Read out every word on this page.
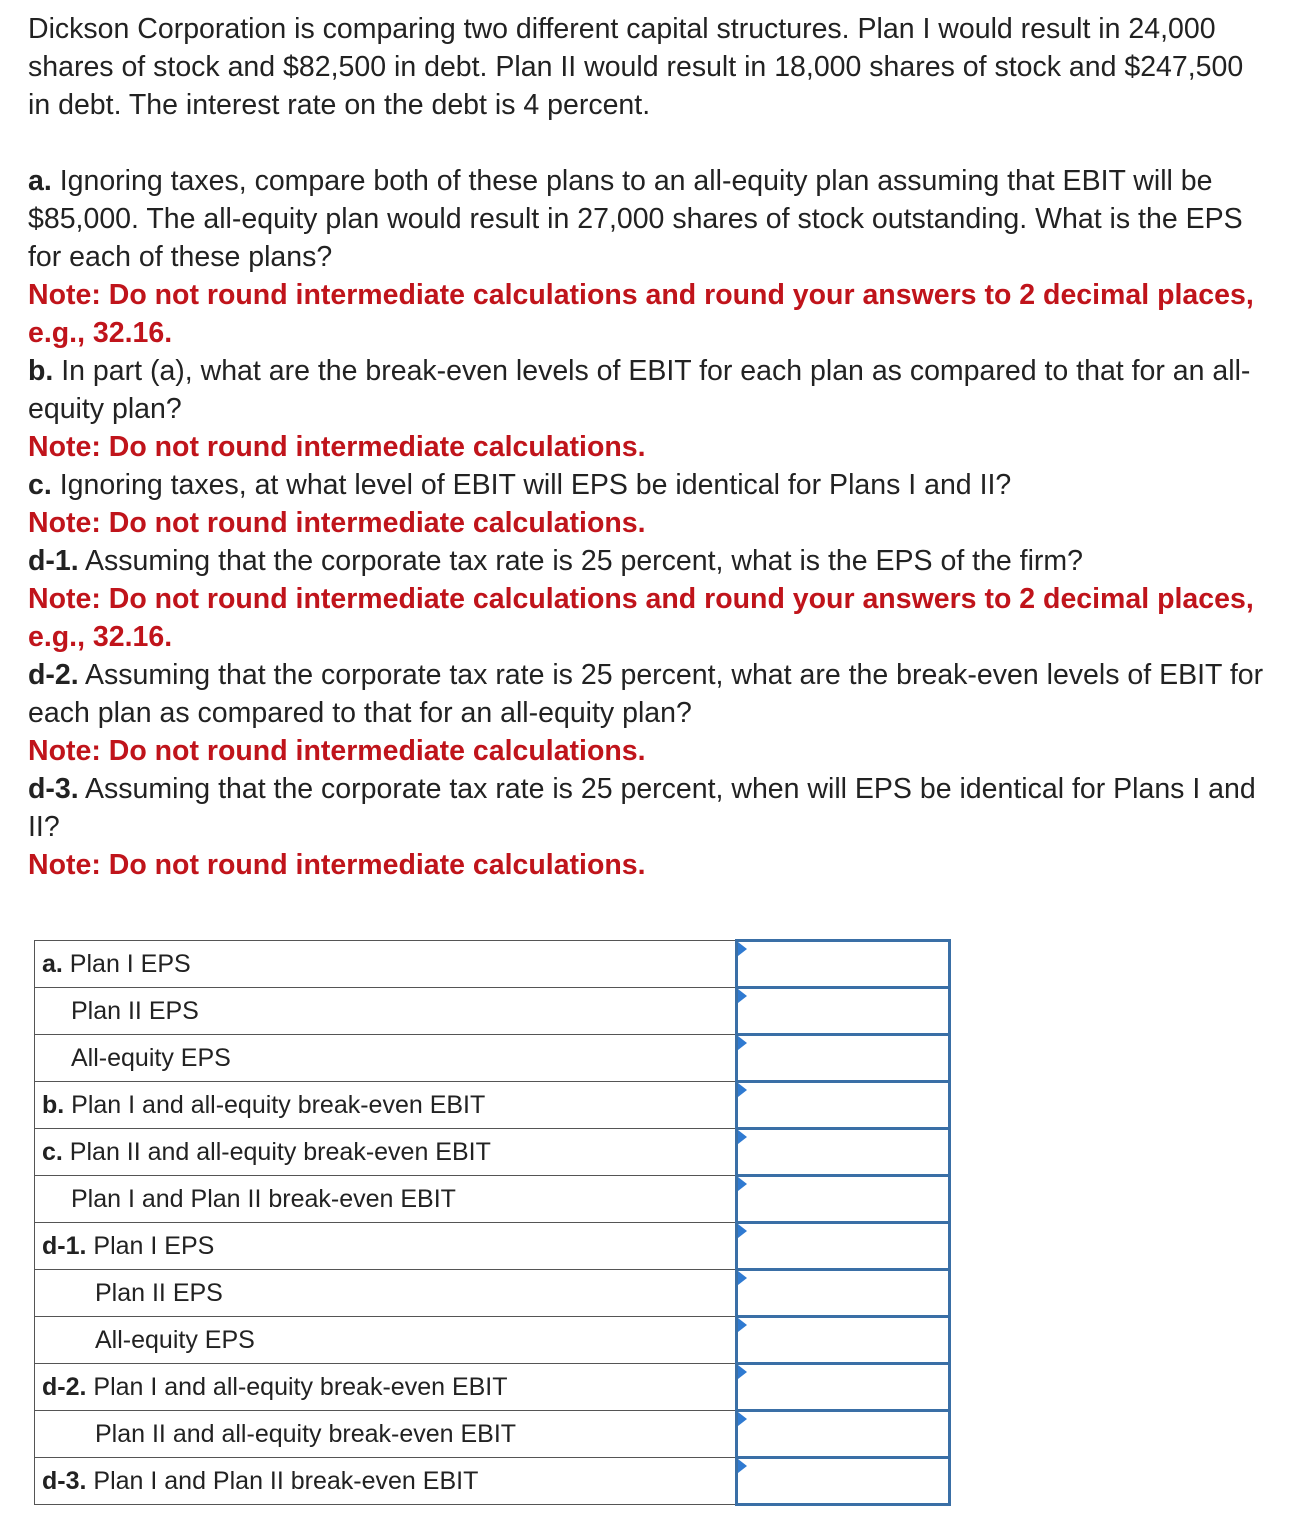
Dickson Corporation is comparing two different capital structures. Plan I would result in 24,000 shares of stock and $82,500 in debt. Plan II would result in 18,000 shares of stock and $247,500 in debt. The interest rate on the debt is 4 percent.

a. Ignoring taxes, compare both of these plans to an all-equity plan assuming that EBIT will be $85,000. The all-equity plan would result in 27,000 shares of stock outstanding. What is the EPS for each of these plans?

Note: Do not round intermediate calculations and round your answers to 2 decimal places, e.g., 32.16.

b. In part (a), what are the break-even levels of EBIT for each plan as compared to that for an all-equity plan?

Note: Do not round intermediate calculations.

c. Ignoring taxes, at what level of EBIT will EPS be identical for Plans I and II?

Note: Do not round intermediate calculations.

d-1. Assuming that the corporate tax rate is 25 percent, what is the EPS of the firm?

Note: Do not round intermediate calculations and round your answers to 2 decimal places, e.g., 32.16.

d-2. Assuming that the corporate tax rate is 25 percent, what are the break-even levels of EBIT for each plan as compared to that for an all-equity plan?

Note: Do not round intermediate calculations.

d-3. Assuming that the corporate tax rate is 25 percent, when will EPS be identical for Plans I and II?

Note: Do not round intermediate calculations.

a. Plan I EPS	

Plan II EPS	

All-equity EPS	

b. Plan I and all-equity break-even EBIT	

c. Plan II and all-equity break-even EBIT	

Plan I and Plan II break-even EBIT	

d-1. Plan I EPS	

Plan II EPS	

All-equity EPS	

d-2. Plan I and all-equity break-even EBIT	

Plan II and all-equity break-even EBIT	

d-3. Plan I and Plan II break-even EBIT	
